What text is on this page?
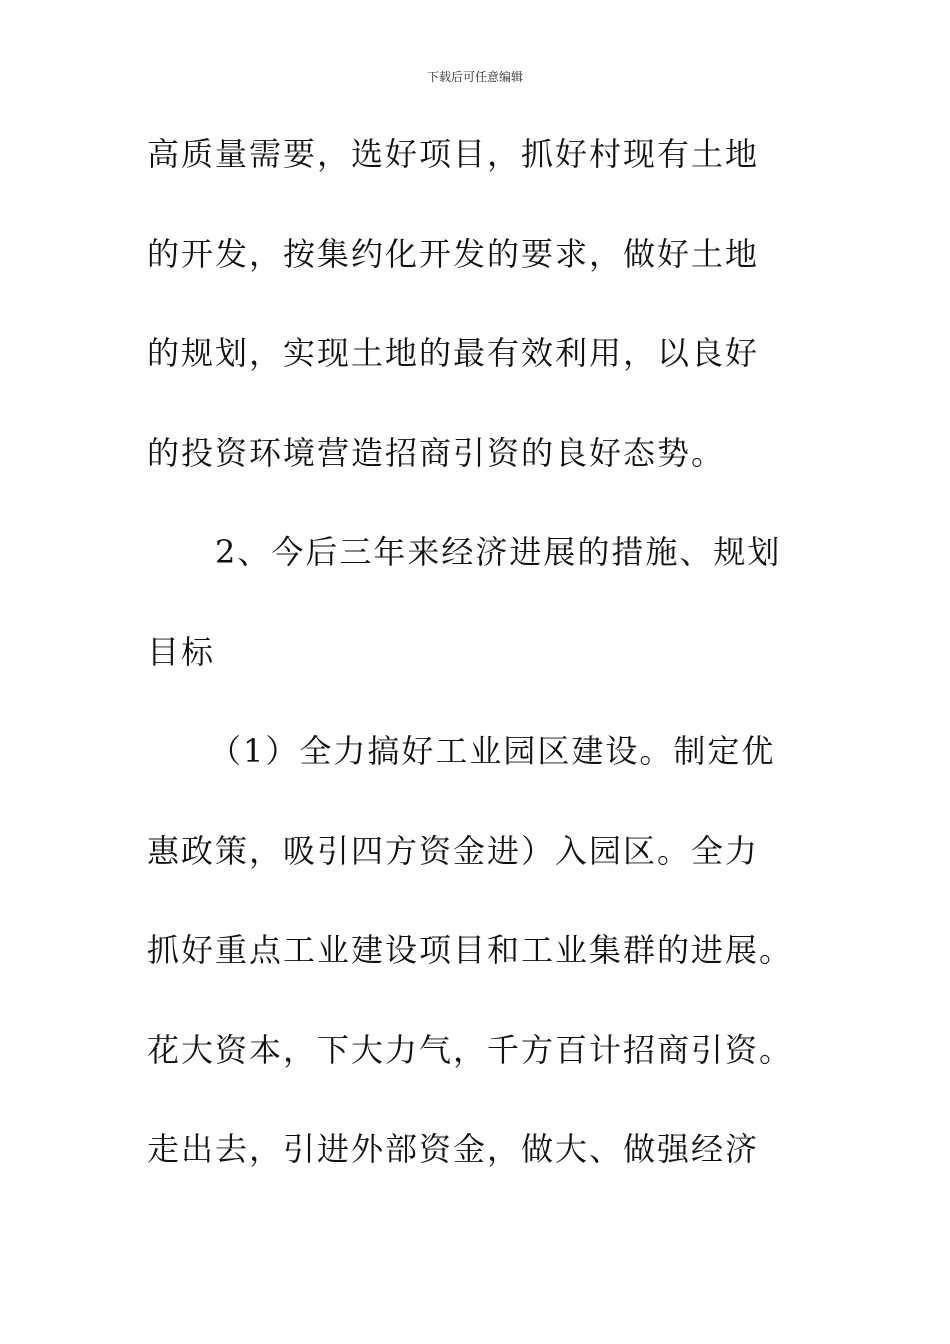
下载后可任意编辑
高质量需要，选好项目，抓好村现有土地
的开发，按集约化开发的要求，做好土地
的规划，实现土地的最有效利用，以良好
的投资环境营造招商引资的良好态势。
2、今后三年来经济进展的措施、规划
目标
（1）全力搞好工业园区建设。制定优
惠政策，吸引四方资金进）入园区。全力
抓好重点工业建设项目和工业集群的进展。
花大资本，下大力气，千方百计招商引资。
走出去，引进外部资金，做大、做强经济
